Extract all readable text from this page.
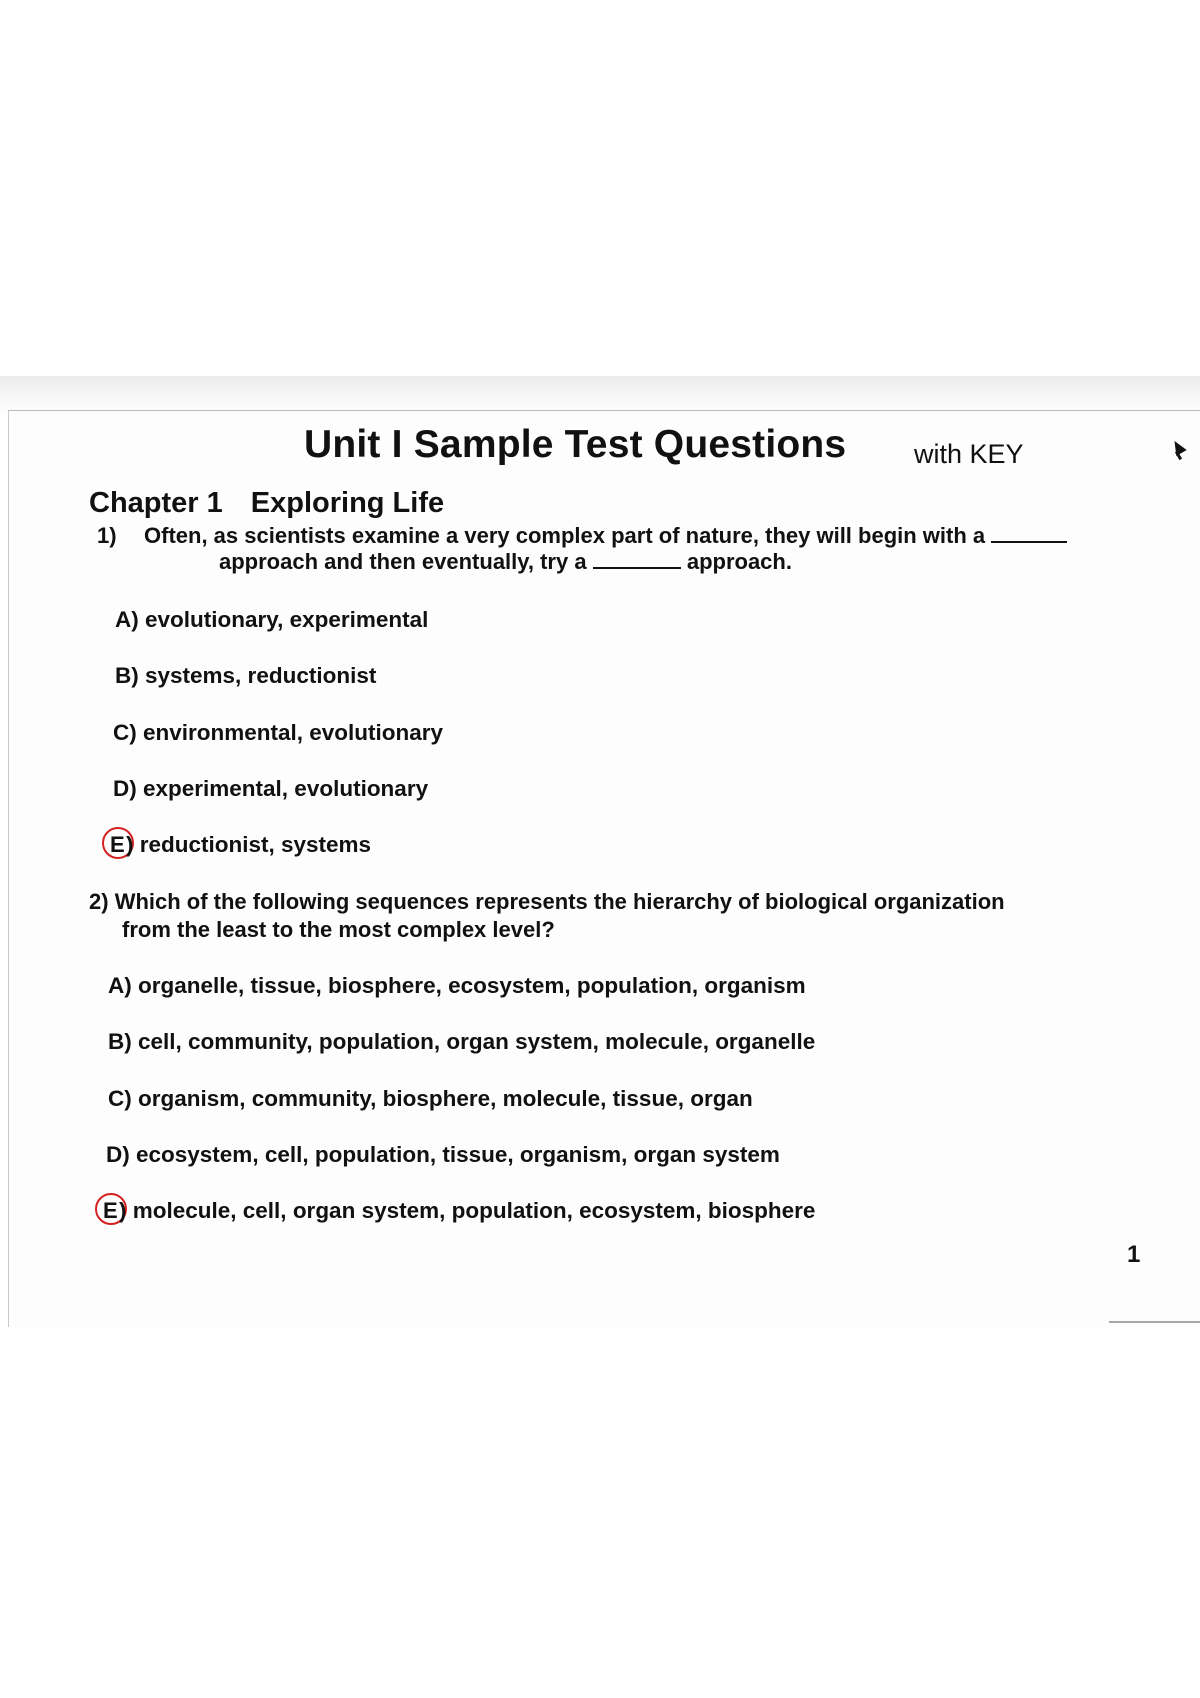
Unit I Sample Test Questions	with KEY
Chapter 1 Exploring Life
1) Often, as scientists examine a very complex part of nature, they will begin with a
approach and then eventually, try a	approach.
A) evolutionary, experimental
B) systems, reductionist
C) environmental, evolutionary
D) experimental, evolutionary
E ) reductionist, systems
2) Which of the following sequences represents the hierarchy of biological organization
from the least to the most complex level?
A) organelle, tissue, biosphere, ecosystem, population, organism
B) cell, community, population, organ system, molecule, organelle
C) organism, community, biosphere, molecule, tissue, organ
D) ecosystem, cell, population, tissue, organism, organ system
E ) molecule, cell, organ system, population, ecosystem, biosphere
1
